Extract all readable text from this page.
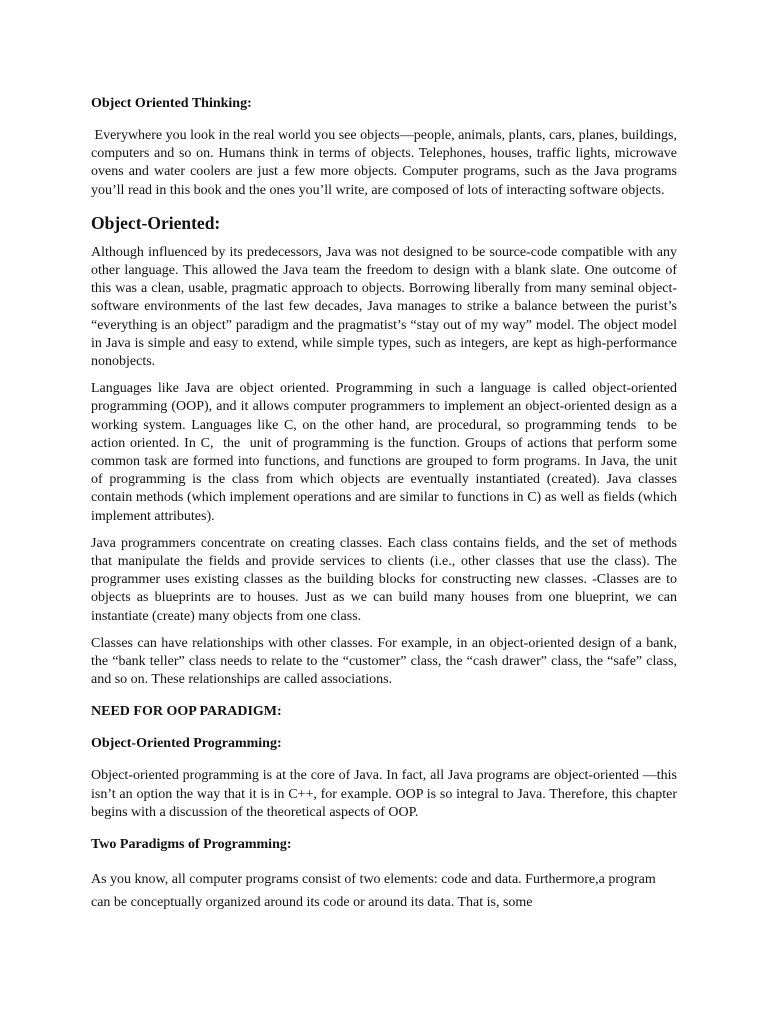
Object Oriented Thinking:

Everywhere you look in the real world you see objects—people, animals, plants, cars, planes, buildings, computers and so on. Humans think in terms of objects. Telephones, houses, traffic lights, microwave ovens and water coolers are just a few more objects. Computer programs, such as the Java programs you’ll read in this book and the ones you’ll write, are composed of lots of interacting software objects.

Object-Oriented:

Although influenced by its predecessors, Java was not designed to be source-code compatible with any other language. This allowed the Java team the freedom to design with a blank slate. One outcome of this was a clean, usable, pragmatic approach to objects. Borrowing liberally from many seminal object-software environments of the last few decades, Java manages to strike a balance between the purist’s “everything is an object” paradigm and the pragmatist’s “stay out of my way” model. The object model in Java is simple and easy to extend, while simple types, such as integers, are kept as high-performance nonobjects.

Languages like Java are object oriented. Programming in such a language is called object-oriented programming (OOP), and it allows computer programmers to implement an object-oriented design as a working system. Languages like C, on the other hand, are procedural, so programming tends  to be action oriented. In C,  the  unit of programming is the function. Groups of actions that perform some common task are formed into functions, and functions are grouped to form programs. In Java, the unit of programming is the class from which objects are eventually instantiated (created). Java classes contain methods (which implement operations and are similar to functions in C) as well as fields (which implement attributes).

Java programmers concentrate on creating classes. Each class contains fields, and the set of methods that manipulate the fields and provide services to clients (i.e., other classes that use the class). The programmer uses existing classes as the building blocks for constructing new classes. -Classes are to objects as blueprints are to houses. Just as we can build many houses from one blueprint, we can instantiate (create) many objects from one class.

Classes can have relationships with other classes. For example, in an object-oriented design of a bank, the “bank teller” class needs to relate to the “customer” class, the “cash drawer” class, the “safe” class, and so on. These relationships are called associations.

NEED FOR OOP PARADIGM:
Object-Oriented Programming:

Object-oriented programming is at the core of Java. In fact, all Java programs are object-oriented —this isn’t an option the way that it is in C++, for example. OOP is so integral to Java. Therefore, this chapter begins with a discussion of the theoretical aspects of OOP.

Two Paradigms of Programming:

As you know, all computer programs consist of two elements: code and data. Furthermore,a program can be conceptually organized around its code or around its data. That is, some
